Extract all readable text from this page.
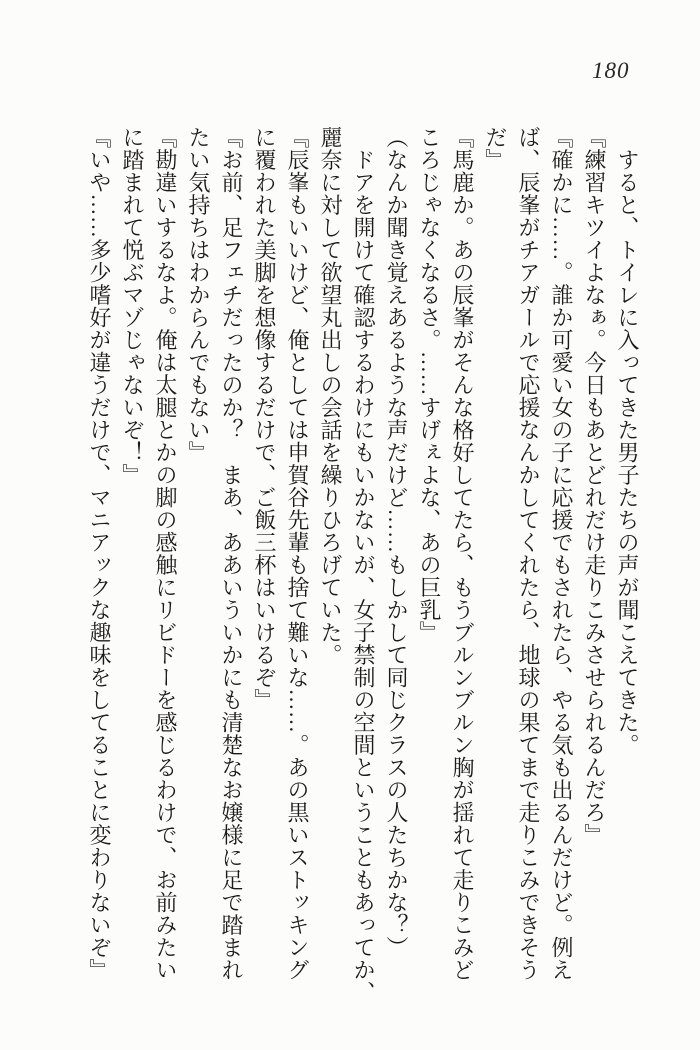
180

　すると、トイレに入ってきた男子たちの声が聞こえてきた。

『練習キツイよなぁ。今日もあとどれだけ走りこみさせられるんだろ』

『確かに……。誰か可愛い女の子に応援でもされたら、やる気も出るんだけど。例え

ば、辰峯がチアガールで応援なんかしてくれたら、地球の果てまで走りこみできそう

だ』

『馬鹿か。あの辰峯がそんな格好してたら、もうブルンブルン胸が揺れて走りこみど

ころじゃなくなるさ。……すげぇよな、あの巨乳』

（なんか聞き覚えあるような声だけど……もしかして同じクラスの人たちかな？）

　ドアを開けて確認するわけにもいかないが、女子禁制の空間ということもあってか、

麗奈に対して欲望丸出しの会話を繰りひろげていた。

『辰峯もいいけど、俺としては申賀谷先輩も捨て難いな……。あの黒いストッキング

に覆われた美脚を想像するだけで、ご飯三杯はいけるぞ』

『お前、足フェチだったのか？　まあ、ああいういかにも清楚なお嬢様に足で踏まれ

たい気持ちはわからんでもない』

『勘違いするなよ。俺は太腿とかの脚の感触にリビドーを感じるわけで、お前みたい

に踏まれて悦ぶマゾじゃないぞ！』

『いや……多少嗜好が違うだけで、マニアックな趣味をしてることに変わりないぞ』
